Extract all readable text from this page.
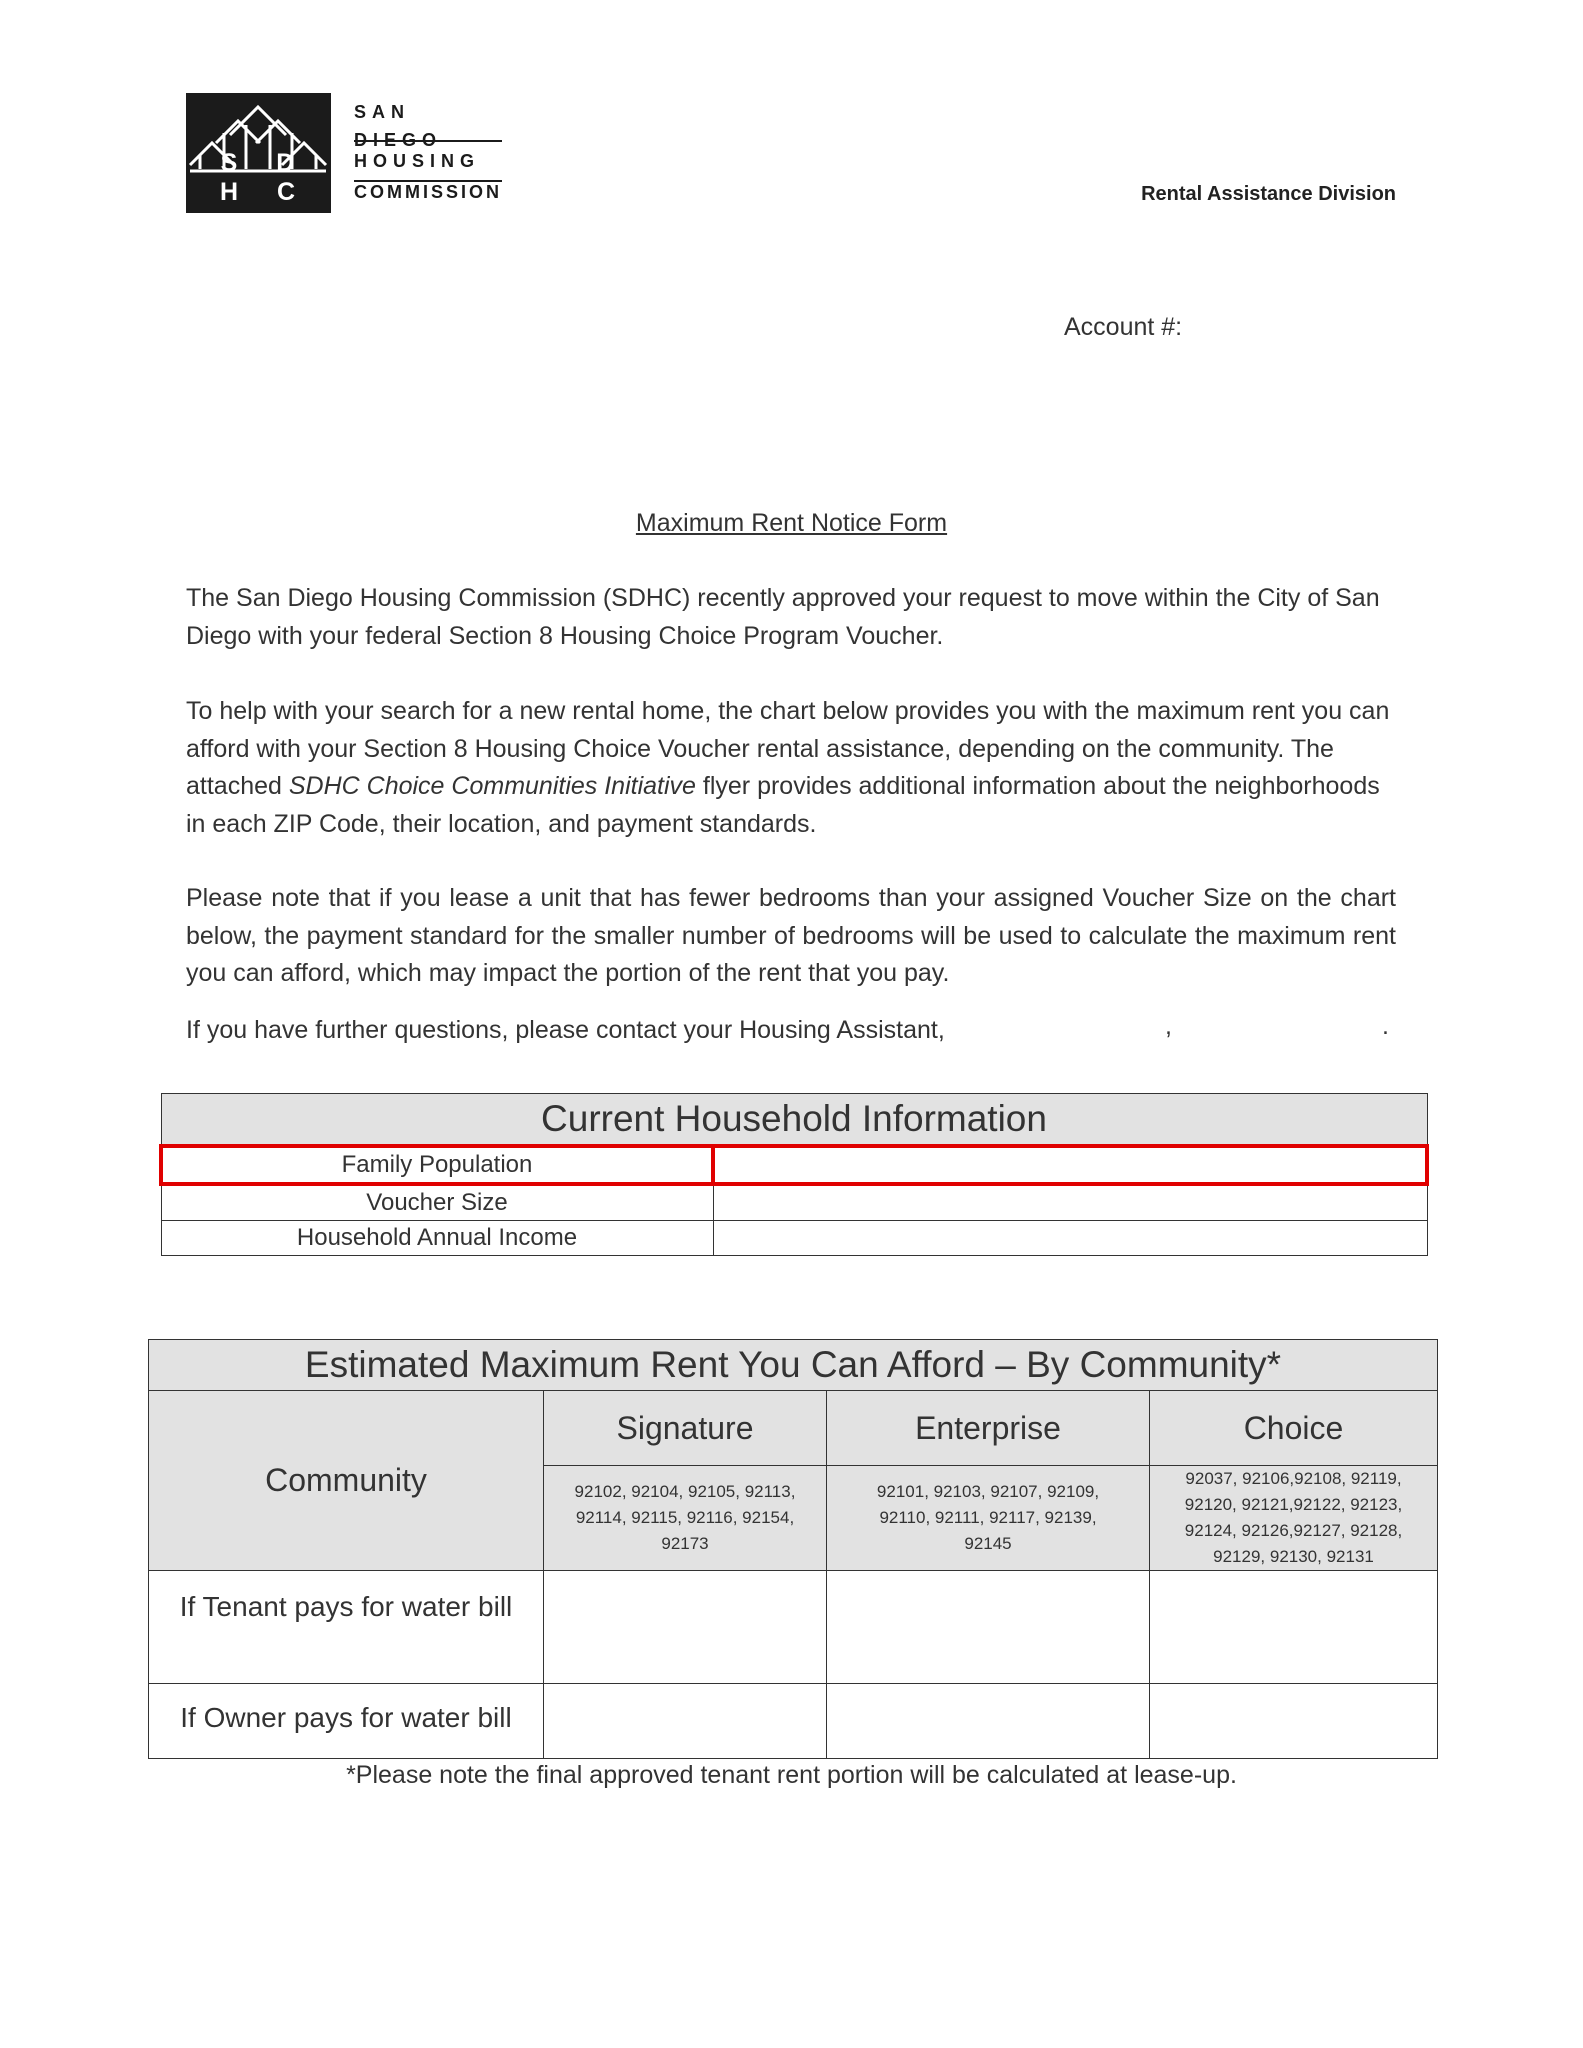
S D H C
SAN DIEGO
HOUSING
COMMISSION	Rental Assistance Division
Account #:
Maximum Rent Notice Form
The San Diego Housing Commission (SDHC) recently approved your request to move within the City of San Diego with your federal Section 8 Housing Choice Program Voucher.
To help with your search for a new rental home, the chart below provides you with the maximum rent you can afford with your Section 8 Housing Choice Voucher rental assistance, depending on the community. The attached SDHC Choice Communities Initiative flyer provides additional information about the neighborhoods in each ZIP Code, their location, and payment standards.
Please note that if you lease a unit that has fewer bedrooms than your assigned Voucher Size on the chart below, the payment standard for the smaller number of bedrooms will be used to calculate the maximum rent you can afford, which may impact the portion of the rent that you pay.
If you have further questions, please contact your Housing Assistant,	,	.
Current Household Information	
Family Population	
Voucher Size	
Household Annual Income	
Estimated Maximum Rent You Can Afford – By Community*			
Community	Signature	Enterprise	Choice
	92102, 92104, 92105, 92113, 92114, 92115, 92116, 92154, 92173	92101, 92103, 92107, 92109, 92110, 92111, 92117, 92139, 92145	92037, 92106,92108, 92119, 92120, 92121,92122, 92123, 92124, 92126,92127, 92128, 92129, 92130, 92131
If Tenant pays for water bill			
If Owner pays for water bill			
*Please note the final approved tenant rent portion will be calculated at lease-up.
